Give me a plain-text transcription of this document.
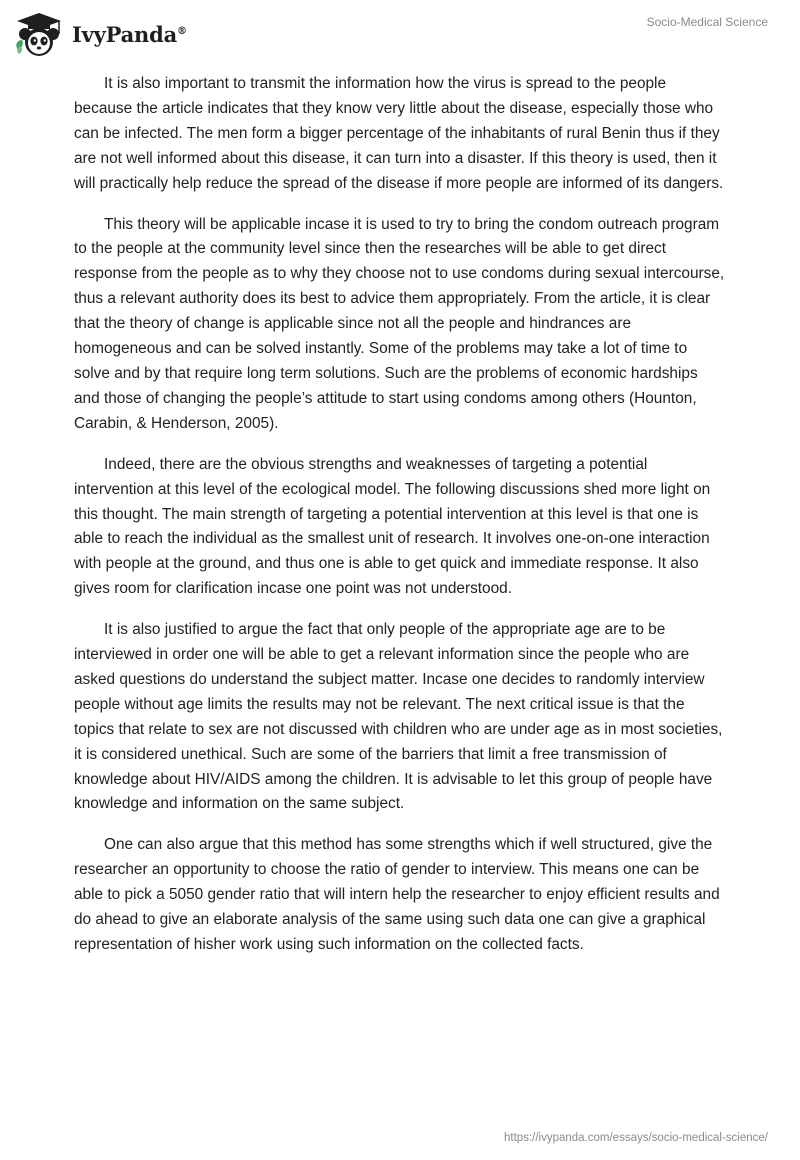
IvyPanda®
Socio-Medical Science

It is also important to transmit the information how the virus is spread to the people because the article indicates that they know very little about the disease, especially those who can be infected. The men form a bigger percentage of the inhabitants of rural Benin thus if they are not well informed about this disease, it can turn into a disaster. If this theory is used, then it will practically help reduce the spread of the disease if more people are informed of its dangers.

This theory will be applicable incase it is used to try to bring the condom outreach program to the people at the community level since then the researches will be able to get direct response from the people as to why they choose not to use condoms during sexual intercourse, thus a relevant authority does its best to advice them appropriately. From the article, it is clear that the theory of change is applicable since not all the people and hindrances are homogeneous and can be solved instantly. Some of the problems may take a lot of time to solve and by that require long term solutions. Such are the problems of economic hardships and those of changing the people’s attitude to start using condoms among others (Hounton, Carabin, & Henderson, 2005).

Indeed, there are the obvious strengths and weaknesses of targeting a potential intervention at this level of the ecological model. The following discussions shed more light on this thought. The main strength of targeting a potential intervention at this level is that one is able to reach the individual as the smallest unit of research. It involves one-on-one interaction with people at the ground, and thus one is able to get quick and immediate response. It also gives room for clarification incase one point was not understood.

It is also justified to argue the fact that only people of the appropriate age are to be interviewed in order one will be able to get a relevant information since the people who are asked questions do understand the subject matter. Incase one decides to randomly interview people without age limits the results may not be relevant. The next critical issue is that the topics that relate to sex are not discussed with children who are under age as in most societies, it is considered unethical. Such are some of the barriers that limit a free transmission of knowledge about HIV/AIDS among the children. It is advisable to let this group of people have knowledge and information on the same subject.

One can also argue that this method has some strengths which if well structured, give the researcher an opportunity to choose the ratio of gender to interview. This means one can be able to pick a 5050 gender ratio that will intern help the researcher to enjoy efficient results and do ahead to give an elaborate analysis of the same using such data one can give a graphical representation of hisher work using such information on the collected facts.

https://ivypanda.com/essays/socio-medical-science/
